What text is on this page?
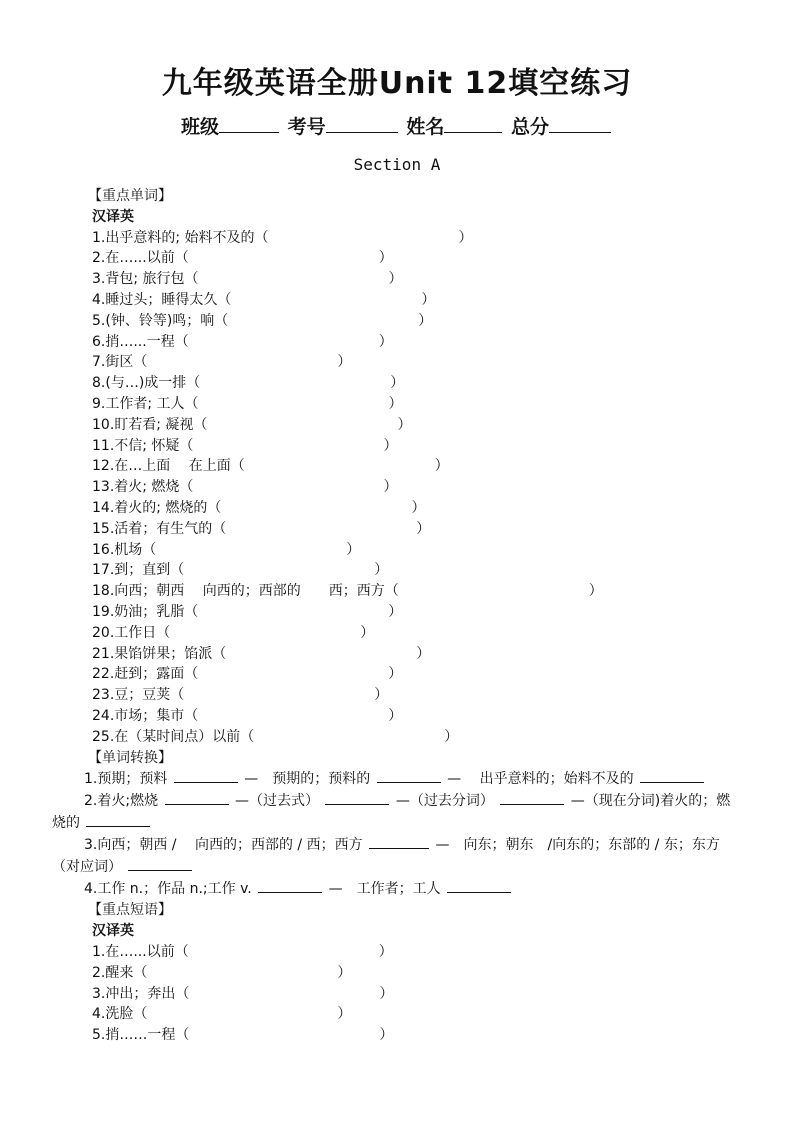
九年级英语全册Unit 12填空练习
班级	考号	姓名	总分
Section A
【重点单词】
汉译英
1.出乎意料的; 始料不及的（	）
2.在…...以前（	）
3.背包; 旅行包（	）
4.睡过头；睡得太久（	）
5.(钟、铃等)鸣；响（	）
6.捎…...一程（	）
7.街区（	）
8.(与…)成一排（	）
9.工作者; 工人（	）
10.盯若看; 凝视（	）
11.不信; 怀疑（	）
12.在…上面　 在上面（	）
13.着火; 燃烧（	）
14.着火的; 燃烧的（	）
15.活着；有生气的（	）
16.机场（	）
17.到；直到（	）
18.向西；朝西　 向西的；西部的　　西；西方（	）
19.奶油；乳脂（	）
20.工作日（	）
21.果馅饼果；馅派（	）
22.赶到；露面（	）
23.豆；豆荚（	）
24.市场；集市（	）
25.在（某时间点）以前（	）
【单词转换】
1.预期；预料	—　预期的；预料的	—　 出乎意料的；始料不及的
2.着火;燃烧	—（过去式）	—（过去分词）	—（现在分词)着火的；燃烧的
3.向西；朝西 /　 向西的；西部的 / 西；西方	—　向东；朝东　/向东的；东部的 / 东；东方（对应词）
4.工作 n.；作品 n.;工作 v.	—　工作者；工人
【重点短语】
汉译英
1.在…...以前（	）
2.醒来（	）
3.冲出；奔出（	）
4.洗脸（	）
5.捎……一程（	）
